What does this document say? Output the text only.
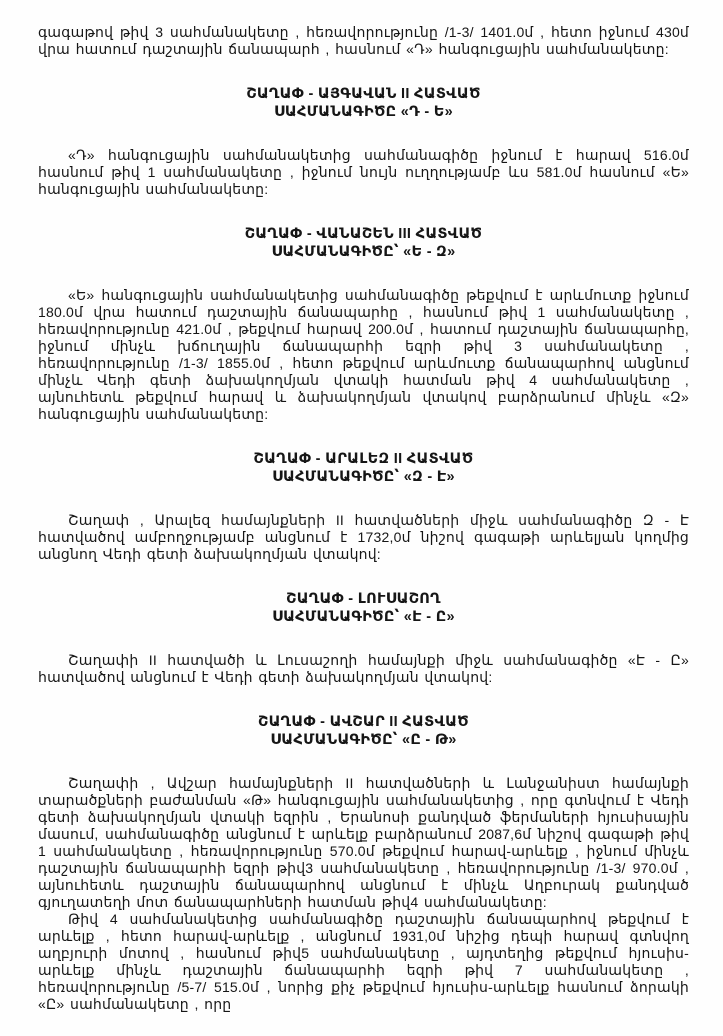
գագաթով թիվ 3 սահմանակետը , հեռավորությունը /1-3/ 1401.0մ , հետո իջնում 430մ վրա հատում դաշտային ճանապարհ , հասնում «Դ» հանգուցային սահմանակետը:

ՇԱՂԱՓ - ԱՅԳԱՎԱՆ II ՀԱՏՎԱԾ
ՍԱՀՄԱՆԱԳԻԾԸ «Դ - Ե»

«Դ» հանգուցային սահմանակետից սահմանագիծը իջնում է հարավ 516.0մ հասնում թիվ 1 սահմանակետը , իջնում նույն ուղղությամբ ևս 581.0մ հասնում «Ե» հանգուցային սահմանակետը:

ՇԱՂԱՓ - ՎԱՆԱՇԵՆ III ՀԱՏՎԱԾ
ՍԱՀՄԱՆԱԳԻԾԸ՝ «Ե - Զ»

«Ե» հանգուցային սահմանակետից սահմանագիծը թեքվում է արևմուտք իջնում 180.0մ վրա հատում դաշտային ճանապարհը , հասնում թիվ 1 սահմանակետը , հեռավորությունը 421.0մ , թեքվում հարավ 200.0մ , հատում դաշտային ճանապարհը, իջնում մինչև խճուղային ճանապարհի եզրի թիվ 3 սահմանակետը , հեռավորությունը /1-3/ 1855.0մ , հետո թեքվում արևմուտք ճանապարհով անցնում մինչև Վեդի գետի ձախակողմյան վտակի հատման թիվ 4 սահմանակետը , այնուհետև թեքվում հարավ և ձախակողմյան վտակով բարձրանում մինչև «Զ» հանգուցային սահմանակետը:

ՇԱՂԱՓ - ԱՐԱԼԵԶ II ՀԱՏՎԱԾ
ՍԱՀՄԱՆԱԳԻԾԸ՝ «Զ - Է»

Շաղափ , Արալեզ համայնքների II հատվածների միջև սահմանագիծը Զ - Է հատվածով ամբողջությամբ անցնում է 1732,0մ նիշով գագաթի արևելյան կողմից անցնող Վեդի գետի ձախակողմյան վտակով:

ՇԱՂԱՓ - ԼՈՒՍԱՇՈՂ
ՍԱՀՄԱՆԱԳԻԾԸ՝ «Է - Ը»

Շաղափի II հատվածի և Լուսաշողի համայնքի միջև սահմանագիծը «Է - Ը» հատվածով անցնում է Վեդի գետի ձախակողմյան վտակով:

ՇԱՂԱՓ - ԱՎՇԱՐ II ՀԱՏՎԱԾ
ՍԱՀՄԱՆԱԳԻԾԸ՝ «Ը - Թ»

Շաղափի , Ավշար համայնքների II հատվածների և Լանջանիստ համայնքի տարածքների բաժանման «Թ» հանգուցային սահմանակետից , որը գտնվում է Վեդի գետի ձախակողմյան վտակի եզրին , Երանոսի քանդված ֆերմաների հյուսիսային մասում, սահմանագիծը անցնում է արևելք բարձրանում 2087,6մ նիշով գագաթի թիվ 1 սահմանակետը , հեռավորությունը 570.0մ թեքվում հարավ-արևելք , իջնում մինչև դաշտային ճանապարհի եզրի թիվ3 սահմանակետը , հեռավորությունը /1-3/ 970.0մ , այնուհետև դաշտային ճանապարհով անցնում է մինչև Աղբուրակ քանդված գյուղատեղի մոտ ճանապարհների հատման թիվ4 սահմանակետը:

Թիվ 4 սահմանակետից սահմանագիծը դաշտային ճանապարհով թեքվում է արևելք , հետո հարավ-արևելք , անցնում 1931,0մ նիշից դեպի հարավ գտնվող աղբյուրի մոտով , հասնում թիվ5 սահմանակետը , այդտեղից թեքվում հյուսիս-արևելք մինչև դաշտային ճանապարհի եզրի թիվ 7 սահմանակետը , հեռավորությունը /5-7/ 515.0մ , նորից քիչ թեքվում հյուսիս-արևելք հասնում ձորակի «Ը» սահմանակետը , որը
